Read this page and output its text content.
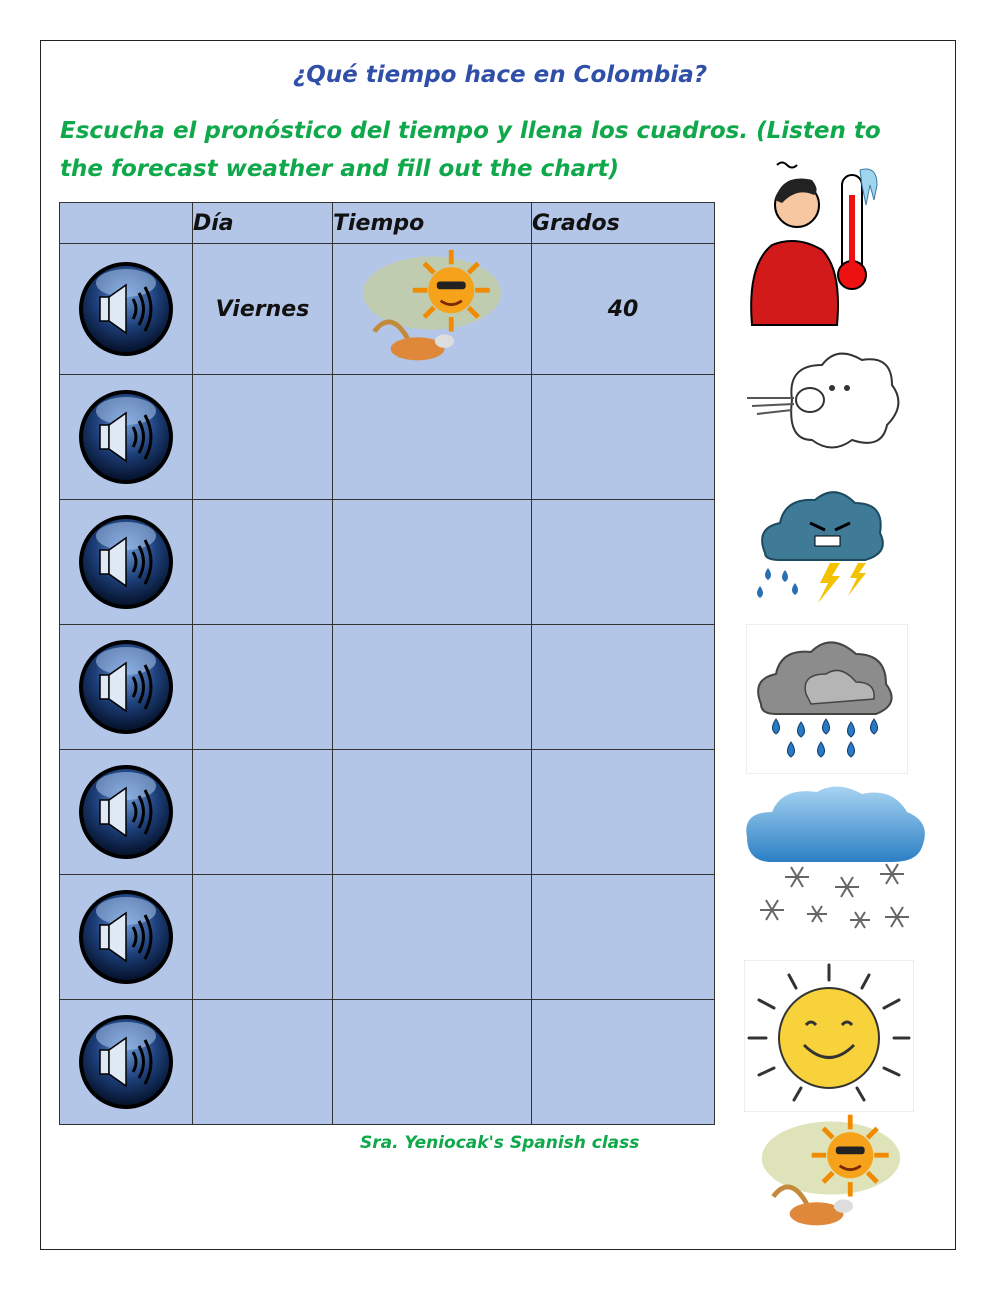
¿Qué tiempo hace en Colombia?
Escucha el pronóstico del tiempo y llena los cuadros. (Listen to the forecast weather and fill out the chart)
	Día	Tiempo	Grados

	Viernes		40

Sra. Yeniocak's Spanish class
